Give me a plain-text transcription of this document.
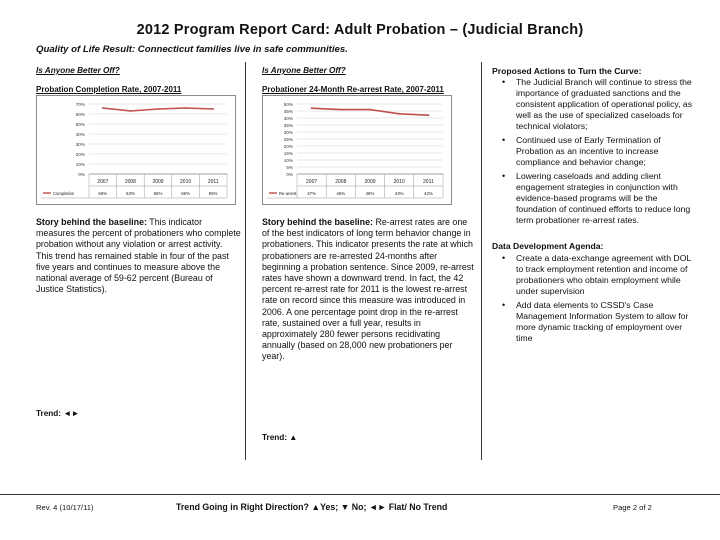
2012 Program Report Card: Adult Probation – (Judicial Branch)
Quality of Life Result: Connecticut families live in safe communities.
Is Anyone Better Off?
Probation Completion Rate, 2007-2011
0%
10%
20%
30%
40%
50%
60%
70%
2007
66%
2008
63%
2009
65%
2010
66%
2011
65%
Completion
Story behind the baseline: This indicator measures the percent of probationers who complete probation without any violation or arrest activity. This trend has remained stable in four of the past five years and continues to measure above the national average of 59-62 percent (Bureau of Justice Statistics).
Trend: ◄►
Is Anyone Better Off?
Probationer 24-Month Re-arrest Rate, 2007-2011
0%
5%
10%
15%
20%
25%
30%
35%
40%
45%
50%
2007
47%
2008
46%
2009
46%
2010
43%
2011
42%
Re-arrest
Story behind the baseline: Re-arrest rates are one of the best indicators of long term behavior change in probationers. This indicator presents the rate at which probationers are re-arrested 24-months after beginning a probation sentence. Since 2009, re-arrest rates have shown a downward trend. In fact, the 42 percent re-arrest rate for 2011 is the lowest re-arrest rate on record since this measure was introduced in 2006. A one percentage point drop in the re-arrest rate, sustained over a full year, results in approximately 280 fewer persons recidivating annually (based on 28,000 new probationers per year).
Trend: ▲
Proposed Actions to Turn the Curve:
• The Judicial Branch will continue to stress the importance of graduated sanctions and the consistent application of operational policy, as well as the use of specialized caseloads for technical violators;
• Continued use of Early Termination of Probation as an incentive to increase compliance and behavior change;
• Lowering caseloads and adding client engagement strategies in conjunction with evidence-based programs will be the foundation of continued efforts to reduce long term probationer re-arrest rates.
Data Development Agenda:
• Create a data-exchange agreement with DOL to track employment retention and income of probationers who obtain employment while under supervision
• Add data elements to CSSD's Case Management Information System to allow for more dynamic tracking of employment over time
Rev. 4 (10/17/11)	Trend Going in Right Direction? ▲Yes; ▼ No; ◄► Flat/ No Trend	Page 2 of 2
